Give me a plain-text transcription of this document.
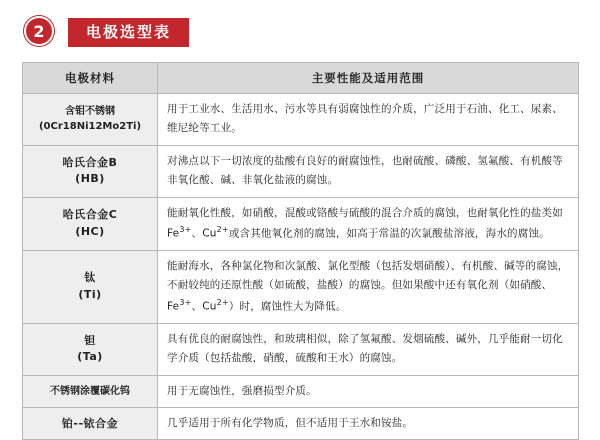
2	电极选型表
电极材料	主要性能及适用范围
含钼不锈钢
(0Cr18Ni12Mo2Ti)	用于工业水、生活用水、污水等具有弱腐蚀性的介质，广泛用于石油、化工、尿素、维尼纶等工业。
哈氏合金B
(HB)	对沸点以下一切浓度的盐酸有良好的耐腐蚀性，也耐硫酸、磷酸、氢氟酸、有机酸等非氧化酸、碱、非氧化盐液的腐蚀。
哈氏合金C
(HC)	能耐氧化性酸，如硝酸，混酸或铬酸与硫酸的混合介质的腐蚀，也耐氧化性的盐类如$Fe^{3+}$、$Cu^{2+}$或含其他氧化剂的腐蚀，如高于常温的次氯酸盐溶液，海水的腐蚀。
钛
(Ti)	能耐海水，各种氯化物和次氯酸、氯化型酸（包括发烟硝酸）、有机酸、碱等的腐蚀，不耐较纯的还原性酸（如硫酸，盐酸）的腐蚀。但如果酸中还有氧化剂（如硝酸、$Fe^{3+}$、$Cu^{2+}$）时，腐蚀性大为降低。
钽
(Ta)	具有优良的耐腐蚀性，和玻璃相似，除了氢氟酸、发烟硫酸、碱外，几乎能耐一切化学介质（包括盐酸，硝酸，硫酸和王水）的腐蚀。
不锈钢涂覆碳化钨	用于无腐蚀性，强磨损型介质。
铂--铱合金	几乎适用于所有化学物质，但不适用于王水和铵盐。
